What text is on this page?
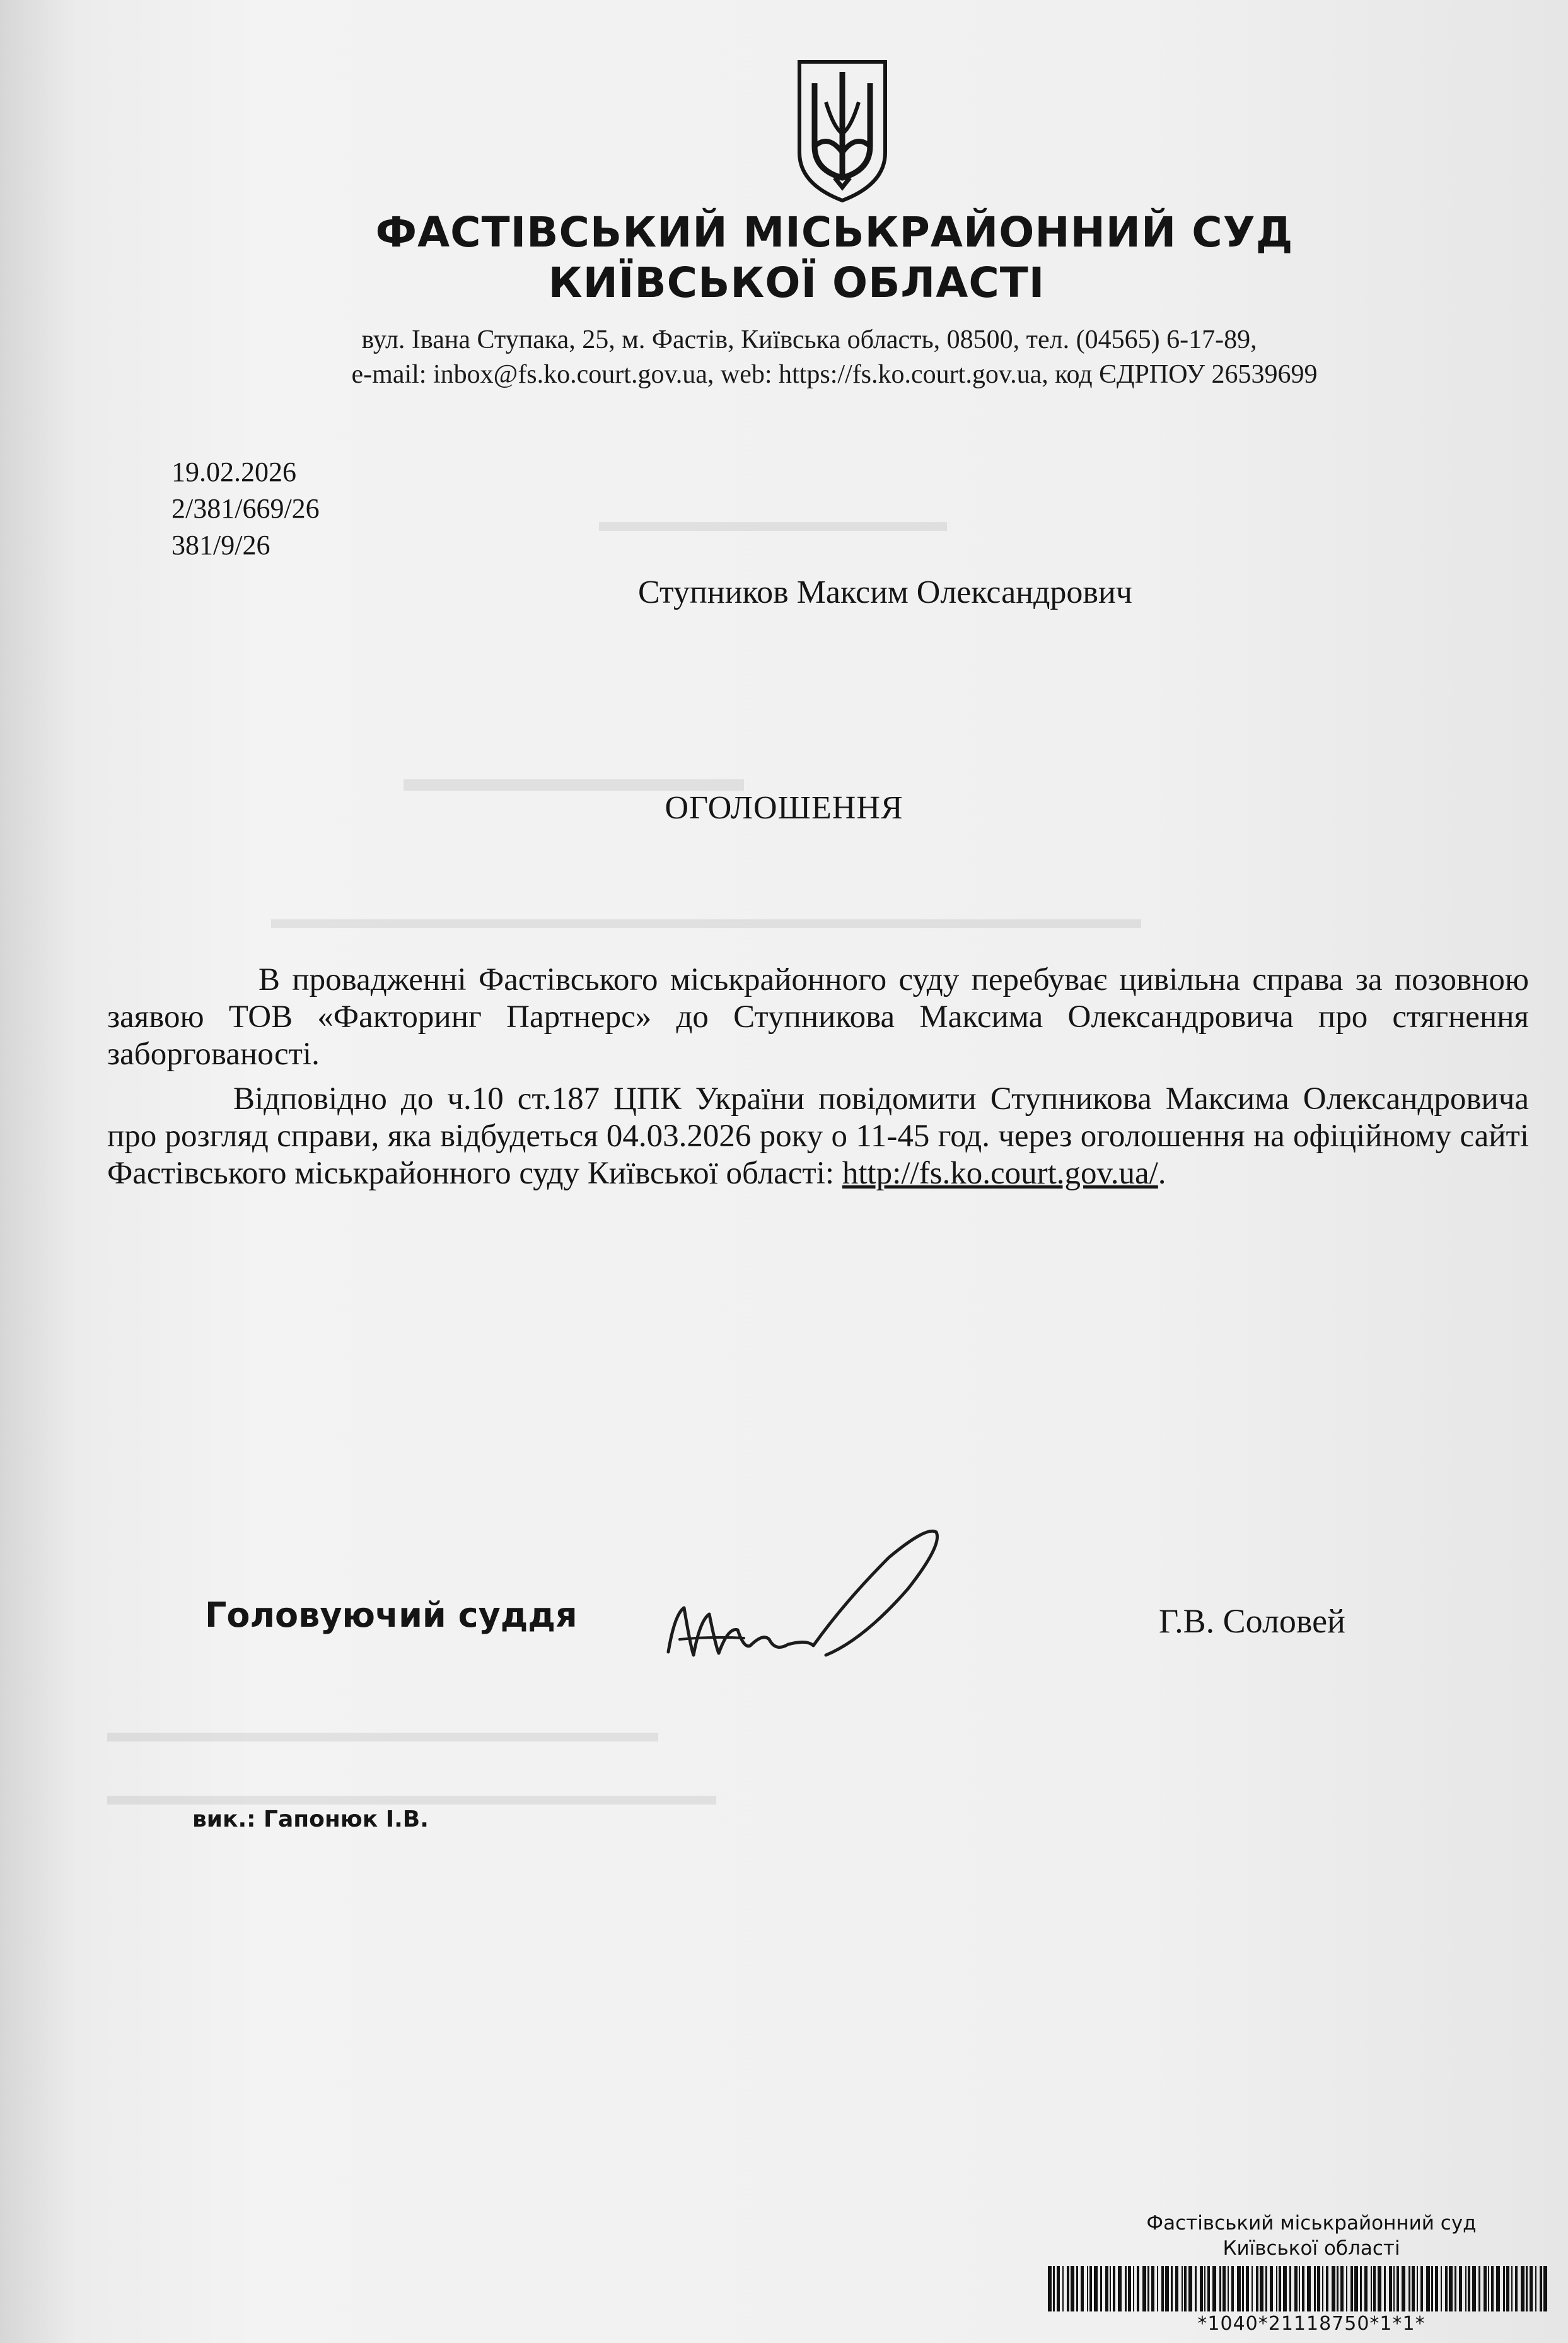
▬▬▬▬▬▬▬▬▬▬▬▬
▬▬▬▬▬▬▬▬▬
▬▬▬▬▬▬▬▬▬▬▬▬▬▬▬▬▬▬▬▬▬▬▬▬▬▬▬▬▬▬
▬▬▬▬▬▬▬▬▬▬▬▬▬▬▬▬▬▬▬
▬▬▬▬▬▬▬▬▬▬▬▬▬▬▬▬▬▬▬▬▬
ФАСТІВСЬКИЙ МІСЬКРАЙОННИЙ СУД
КИЇВСЬКОЇ ОБЛАСТІ
вул. Івана Ступака, 25, м. Фастів, Київська область, 08500, тел. (04565) 6-17-89,
e-mail: inbox@fs.ko.court.gov.ua, web: https://fs.ko.court.gov.ua, код ЄДРПОУ 26539699
19.02.2026
2/381/669/26
381/9/26
Ступников Максим Олександрович
ОГОЛОШЕННЯ

В провадженні Фастівського міськрайонного суду перебуває цивільна справа за позовною заявою ТОВ «Факторинг Партнерс» до Ступникова Максима Олександровича про стягнення заборгованості.

Відповідно до ч.10 ст.187 ЦПК України повідомити Ступникова Максима Олександровича про розгляд справи, яка відбудеться 04.03.2026 року о 11-45 год. через оголошення на офіційному сайті Фастівського міськрайонного суду Київської області: http://fs.ko.court.gov.ua/.

Головуючий суддя	Г.В. Соловей
вик.: Гапонюк І.В.
Фастівський міськрайонний суд
Київської області
*1040*21118750*1*1*
